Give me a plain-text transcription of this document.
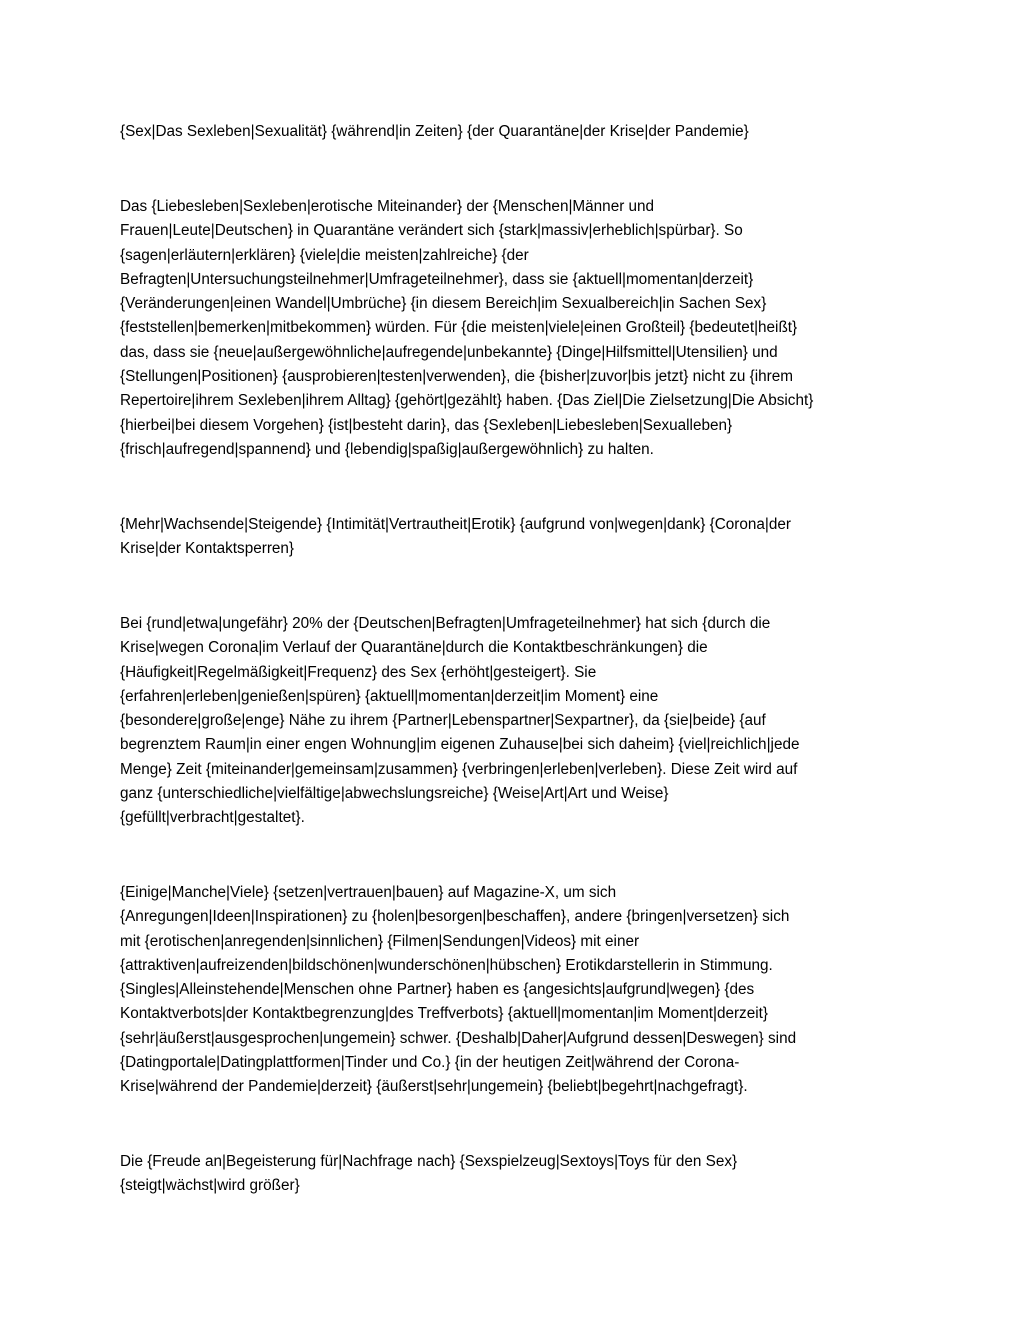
{Sex|Das Sexleben|Sexualität} {während|in Zeiten} {der Quarantäne|der Krise|der Pandemie}

Das {Liebesleben|Sexleben|erotische Miteinander} der {Menschen|Männer und
Frauen|Leute|Deutschen} in Quarantäne verändert sich {stark|massiv|erheblich|spürbar}. So
{sagen|erläutern|erklären} {viele|die meisten|zahlreiche} {der
Befragten|Untersuchungsteilnehmer|Umfrageteilnehmer}, dass sie {aktuell|momentan|derzeit}
{Veränderungen|einen Wandel|Umbrüche} {in diesem Bereich|im Sexualbereich|in Sachen Sex}
{feststellen|bemerken|mitbekommen} würden. Für {die meisten|viele|einen Großteil} {bedeutet|heißt}
das, dass sie {neue|außergewöhnliche|aufregende|unbekannte} {Dinge|Hilfsmittel|Utensilien} und
{Stellungen|Positionen} {ausprobieren|testen|verwenden}, die {bisher|zuvor|bis jetzt} nicht zu {ihrem
Repertoire|ihrem Sexleben|ihrem Alltag} {gehört|gezählt} haben. {Das Ziel|Die Zielsetzung|Die Absicht}
{hierbei|bei diesem Vorgehen} {ist|besteht darin}, das {Sexleben|Liebesleben|Sexualleben}
{frisch|aufregend|spannend} und {lebendig|spaßig|außergewöhnlich} zu halten.

{Mehr|Wachsende|Steigende} {Intimität|Vertrautheit|Erotik} {aufgrund von|wegen|dank} {Corona|der
Krise|der Kontaktsperren}

Bei {rund|etwa|ungefähr} 20% der {Deutschen|Befragten|Umfrageteilnehmer} hat sich {durch die
Krise|wegen Corona|im Verlauf der Quarantäne|durch die Kontaktbeschränkungen} die
{Häufigkeit|Regelmäßigkeit|Frequenz} des Sex {erhöht|gesteigert}. Sie
{erfahren|erleben|genießen|spüren} {aktuell|momentan|derzeit|im Moment} eine
{besondere|große|enge} Nähe zu ihrem {Partner|Lebenspartner|Sexpartner}, da {sie|beide} {auf
begrenztem Raum|in einer engen Wohnung|im eigenen Zuhause|bei sich daheim} {viel|reichlich|jede
Menge} Zeit {miteinander|gemeinsam|zusammen} {verbringen|erleben|verleben}. Diese Zeit wird auf
ganz {unterschiedliche|vielfältige|abwechslungsreiche} {Weise|Art|Art und Weise}
{gefüllt|verbracht|gestaltet}.

{Einige|Manche|Viele} {setzen|vertrauen|bauen} auf Magazine-X, um sich
{Anregungen|Ideen|Inspirationen} zu {holen|besorgen|beschaffen}, andere {bringen|versetzen} sich
mit {erotischen|anregenden|sinnlichen} {Filmen|Sendungen|Videos} mit einer
{attraktiven|aufreizenden|bildschönen|wunderschönen|hübschen} Erotikdarstellerin in Stimmung.
{Singles|Alleinstehende|Menschen ohne Partner} haben es {angesichts|aufgrund|wegen} {des
Kontaktverbots|der Kontaktbegrenzung|des Treffverbots} {aktuell|momentan|im Moment|derzeit}
{sehr|äußerst|ausgesprochen|ungemein} schwer. {Deshalb|Daher|Aufgrund dessen|Deswegen} sind
{Datingportale|Datingplattformen|Tinder und Co.} {in der heutigen Zeit|während der Corona-
Krise|während der Pandemie|derzeit} {äußerst|sehr|ungemein} {beliebt|begehrt|nachgefragt}.

Die {Freude an|Begeisterung für|Nachfrage nach} {Sexspielzeug|Sextoys|Toys für den Sex}
{steigt|wächst|wird größer}
